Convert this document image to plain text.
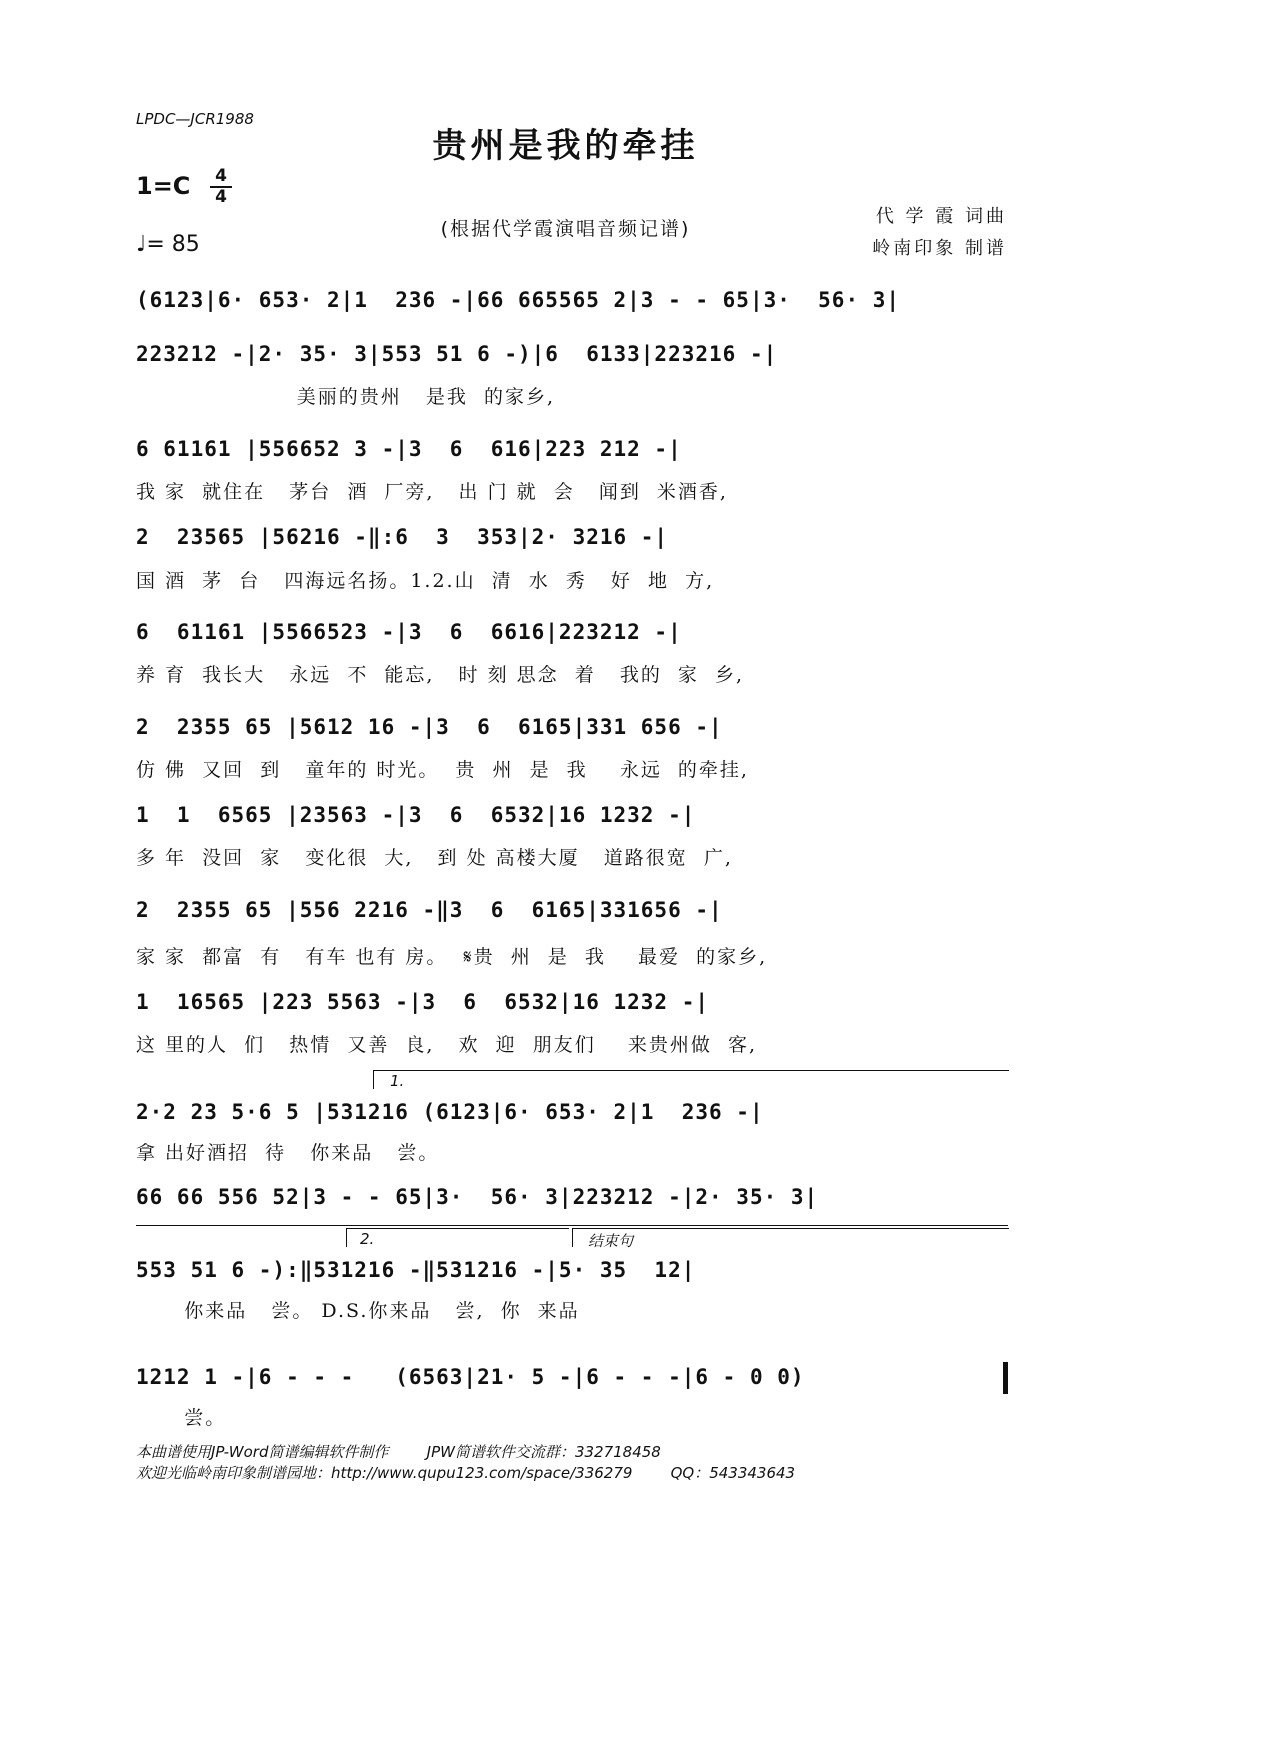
LPDC—JCR1988
贵州是我的牵挂
1=C 4
4
♩= 85
(根据代学霞演唱音频记谱)
代 学 霞 词曲
岭南印象 制谱
(6123|6· 653· 2|1  236 -|66 665565 2|3 - - 65|3·  56· 3|
223212 -|2· 35· 3|553 51 6 -)|6  6133|223216 -|
美丽的贵州   是我  的家乡,
6 61161 |556652 3 -|3  6  616|223 212 -|
我 家  就住在   茅台  酒  厂旁,   出 门 就  会   闻到  米酒香,
2  23565 |56216 -‖:6  3  353|2· 3216 -|
国 酒  茅  台   四海远名扬。1.2.山  清  水  秀   好  地  方,
6  61161 |5566523 -|3  6  6616|223212 -|
养 育  我长大   永远  不  能忘,   时 刻 思念  着   我的  家  乡,
2  2355 65 |5612 16 -|3  6  6165|331 656 -|
仿 佛  又回  到   童年的 时光。  贵  州  是  我    永远  的牵挂,
1  1  6565 |23563 -|3  6  6532|16 1232 -|
多 年  没回  家   变化很  大,   到 处 高楼大厦   道路很宽  广,
2  2355 65 |556 2216 -‖3  6  6165|331656 -|
家 家  都富  有   有车 也有 房。  𝄋贵  州  是  我    最爱  的家乡,
1  16565 |223 5563 -|3  6  6532|16 1232 -|
这 里的人  们   热情  又善  良,   欢  迎  朋友们    来贵州做  客,
1.
2·2 23 5·6 5 |531216 (6123|6· 653· 2|1  236 -|
拿 出好酒招  待   你来品   尝。
66 66 556 52|3 - - 65|3·  56· 3|223212 -|2· 35· 3|
2.	结束句
553 51 6 -):‖531216 -‖531216 -|5· 35  12|
你来品   尝。 D.S.你来品   尝,  你  来品
1212 1 -|6 - - -   (6563|21· 5 -|6 - - -|6 - 0 0)
尝。
本曲谱使用JP-Word简谱编辑软件制作        JPW简谱软件交流群：332718458
欢迎光临岭南印象制谱园地：http://www.qupu123.com/space/336279        QQ：543343643
